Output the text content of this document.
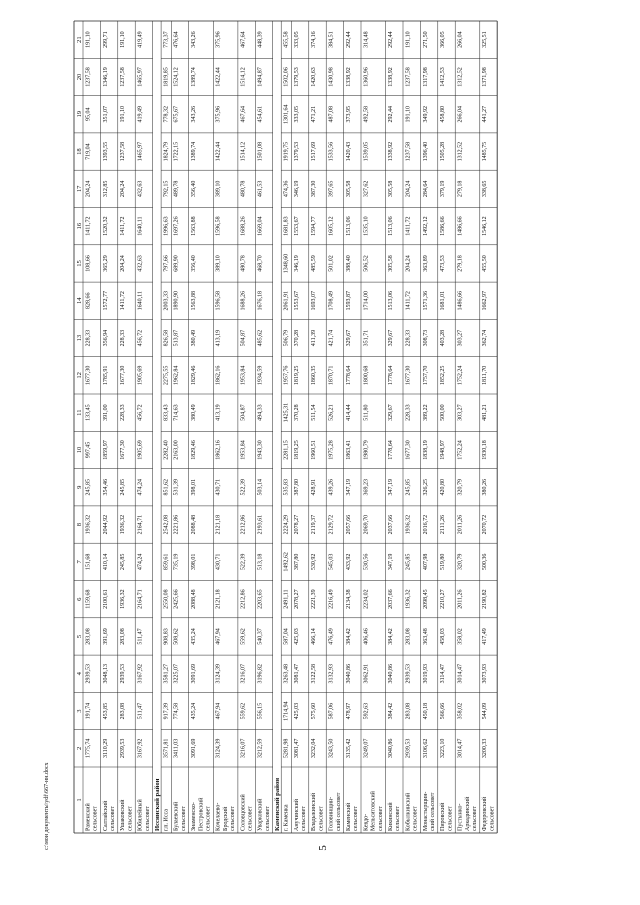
1
2
3
4
5
6
7
8
9
10
11
12
13
14
15
16
17
18
19
20
21
Раменский сельсовет
1775,74
191,74
2939,53
283,08
1159,68
151,68
1936,32
245,85
997,45
133,45
1677,30
228,33
828,66
108,66
1411,72
204,24
719,04
95,04
1237,58
191,10
Салтайский сельсовет
3110,29
453,85
3048,13
391,69
2100,61
410,14
2044,92
354,46
1859,97
391,00
1785,91
356,94
1572,77
365,29
1520,32
312,85
1393,55
351,07
1346,19
299,71
Ушаковский сельсовет
2939,53
283,08
2939,53
283,08
1936,32
245,85
1936,32
245,85
1677,30
228,33
1677,30
228,33
1411,72
204,24
1411,72
204,24
1237,58
191,10
1237,58
191,10
Юбилейный сельсовет
3167,92
511,47
3167,92
511,47
2164,71
474,24
2164,71
474,24
1905,69
456,72
1905,69
456,72
1640,11
432,63
1640,11
432,63
1465,97
419,49
1465,97
419,49
Иссинский район г.п. Исса
3571,81
917,39
3581,27
908,83
2550,08
859,61
2542,08
851,62
2282,40
833,43
2275,55
826,58
2003,33
797,66
1996,63
792,15
1824,79
778,32
1819,85
773,37
Булаевский сельсовет
3411,03
774,58
3225,07
508,62
2425,66
735,19
2221,86
531,39
2163,00
714,63
1962,84
513,87
1890,90
689,90
1697,26
489,78
1722,15
675,67
1524,12
476,64
Знаменско- Пестровский сельсовет
3091,69
435,24
3091,69
435,24
2088,48
398,01
2088,48
398,01
1829,46
380,49
1829,46
380,49
1563,88
356,40
1563,88
356,40
1389,74
343,26
1389,74
343,26
Кочелаево- Бродский сельсовет
3124,39
467,94
3124,39
467,94
2121,18
430,71
2121,18
430,71
1862,16
413,19
1862,16
413,19
1596,58
389,10
1596,58
389,10
1422,44
375,96
1422,44
375,96
Соловцовский сельсовет
3216,07
559,62
3216,07
559,62
2212,86
522,39
2212,86
522,39
1953,84
504,87
1953,84
504,87
1688,26
480,78
1688,26
480,78
1514,12
467,64
1514,12
467,64
Уварковский сельсовет
3212,59
556,15
3196,82
540,37
2203,65
513,18
2193,61
503,14
1943,30
494,33
1934,59
485,62
1676,18
468,70
1669,04
461,53
1501,08
454,61
1494,87
448,39
Каменский район г. Каменка
5281,98
1714,94
3263,48
587,04
2491,11
1492,62
2224,29
535,83
2281,15
1425,31
1957,76
506,79
2061,91
1348,60
1681,83
474,36
1919,75
1301,64
1502,06
455,58
Анучинский сельсовет
3081,47
425,03
3081,47
425,03
2078,27
387,80
2078,27
387,80
1819,25
370,28
1819,25
370,28
1553,67
346,19
1553,67
346,19
1379,53
333,05
1379,53
333,05
Владыкинский сельсовет
3232,04
575,60
3122,58
466,14
2221,39
530,92
2119,37
428,91
1960,51
511,54
1860,35
411,39
1693,07
485,59
1594,77
387,30
1517,69
471,21
1420,63
374,16
Головинщин- ский сельсовет
3243,50
587,06
3132,93
476,49
2216,49
545,03
2129,72
439,26
1975,28
526,21
1870,71
421,74
1708,49
501,02
1605,12
397,65
1533,56
487,08
1430,98
384,51
Каменский сельсовет
3135,42
478,97
3040,86
384,42
2134,38
433,92
2057,66
347,19
1863,41
414,44
1778,64
329,67
1593,87
388,40
1513,06
305,58
1420,43
373,95
1338,92
292,44
Кевдо- Мельситовский сельсовет
3249,07
592,63
3062,91
406,46
2234,02
530,56
2069,70
369,23
1980,79
511,80
1800,68
351,71
1714,00
506,52
1535,10
327,62
1539,05
492,58
1360,96
314,48
Кикинский сельсовет
3040,86
384,42
3040,86
384,42
2037,66
347,19
2037,66
347,19
1778,64
329,67
1778,64
329,67
1513,06
305,58
1513,06
305,58
1338,92
292,44
1338,92
292,44
Кобылкинский сельсовет
2939,53
283,08
2939,53
283,08
1936,32
245,85
1936,32
245,85
1677,30
228,33
1677,30
228,33
1411,72
204,24
1411,72
204,24
1237,58
191,10
1237,58
191,10
Монастырщин- ский сельсовет
3106,62
450,18
3019,93
363,48
2098,45
407,98
2016,72
326,25
1838,19
389,22
1757,70
308,73
1571,36
363,89
1492,12
284,64
1396,40
349,92
1317,98
271,50
Пировский сельсовет
3223,10
566,66
3114,47
458,03
2210,27
519,80
2111,26
420,80
1948,97
500,00
1852,25
403,28
1681,01
473,53
1586,66
379,19
1505,28
458,80
1412,53
366,05
Пустынко- Аркадинский сельсовет
3014,47
358,02
3014,47
358,02
2011,26
320,79
2011,26
320,79
1752,24
303,27
1752,24
303,27
1486,66
279,18
1486,66
279,18
1312,52
266,04
1312,52
266,04
Федоровский сельсовет
3200,33
544,09
3073,93
417,49
2190,82
500,36
2070,72
380,26
1930,18
481,21
1811,70
362,74
1662,97
455,50
1546,12
338,65
1485,75
441,27
1371,98
325,51
5
c:\мои документы\ydf\667-нн.docx
